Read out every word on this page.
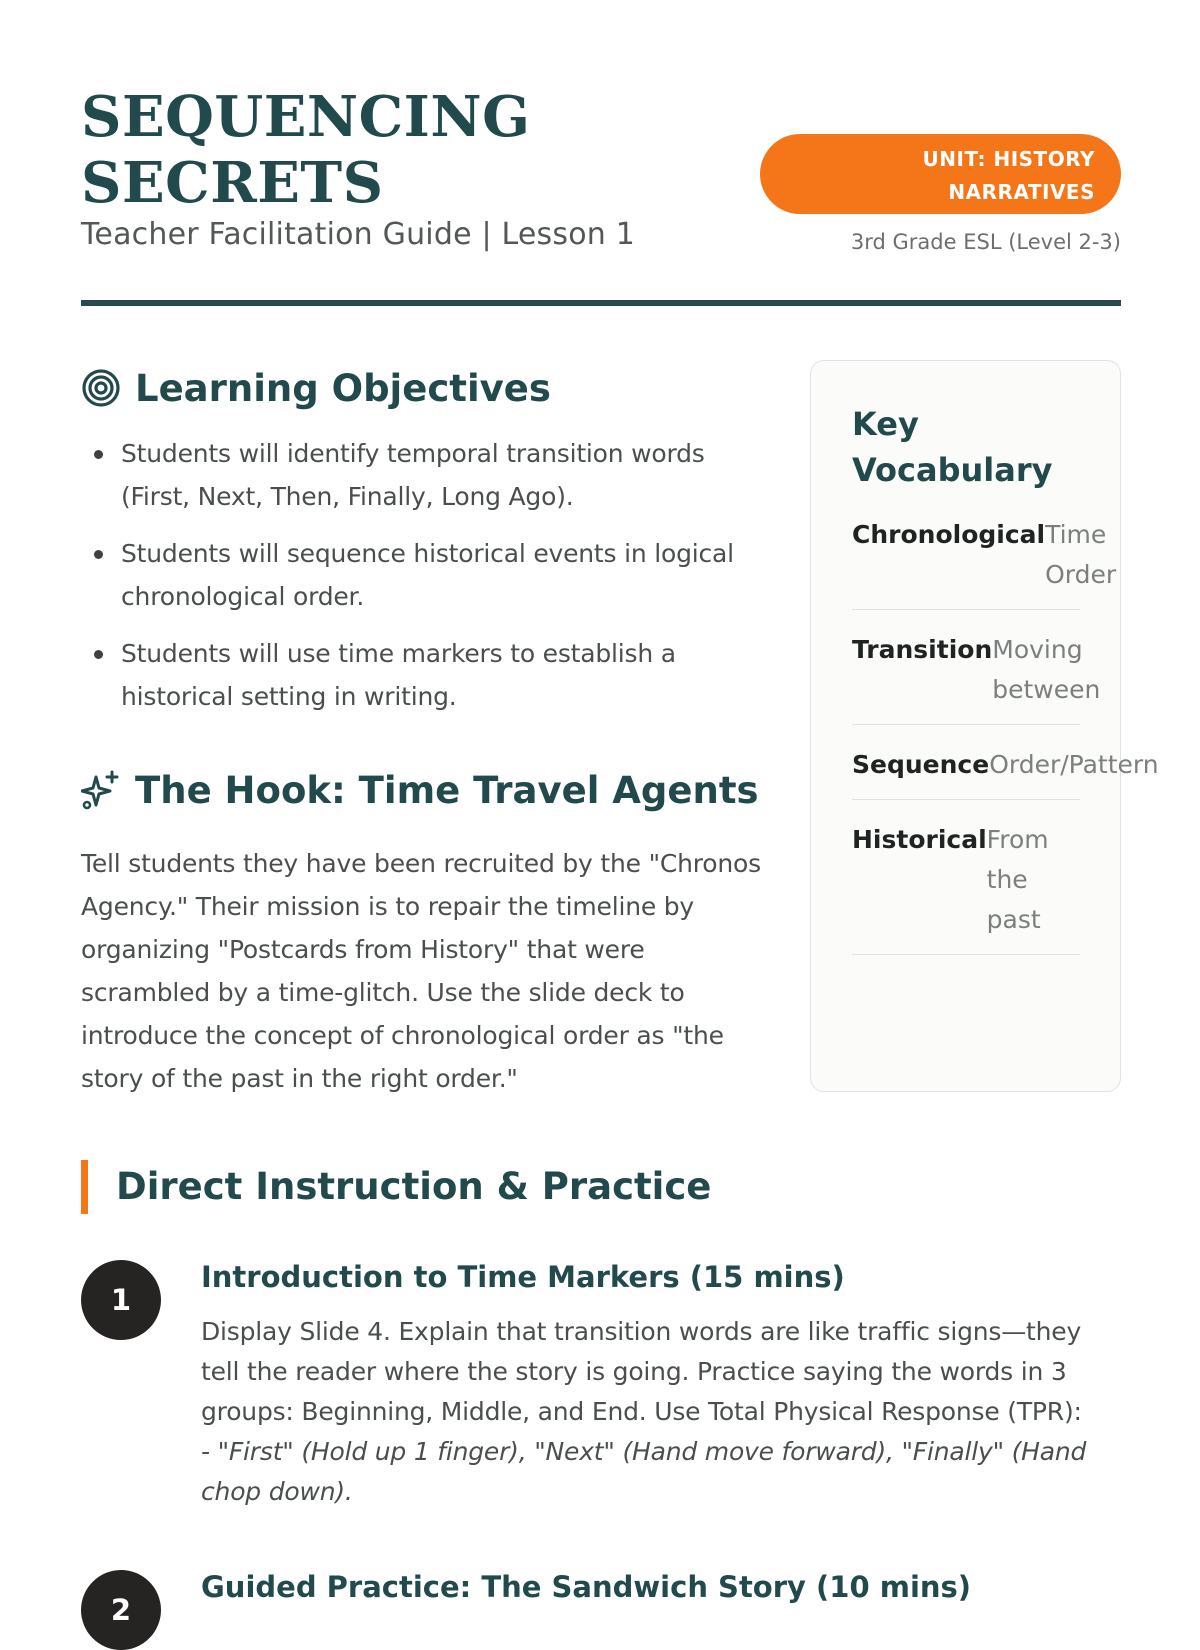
SEQUENCING
SECRETS
Teacher Facilitation Guide | Lesson 1
UNIT: HISTORY
NARRATIVES
3rd Grade ESL (Level 2-3)
Learning Objectives
Students will identify temporal transition words (First, Next, Then, Finally, Long Ago).
Students will sequence historical events in logical chronological order.
Students will use time markers to establish a historical setting in writing.
The Hook: Time Travel Agents

Tell students they have been recruited by the "Chronos Agency." Their mission is to repair the timeline by organizing "Postcards from History" that were scrambled by a time-glitch. Use the slide deck to introduce the concept of chronological order as "the story of the past in the right order."

Key Vocabulary
Chronological Time Order
Transition Moving between
Sequence Order/Pattern
Historical From the past
Direct Instruction & Practice
1
Introduction to Time Markers (15 mins)

Display Slide 4. Explain that transition words are like traffic signs—they tell the reader where the story is going. Practice saying the words in 3 groups: Beginning, Middle, and End. Use Total Physical Response (TPR):
- "First" (Hold up 1 finger), "Next" (Hand move forward), "Finally" (Hand chop down).

2
Guided Practice: The Sandwich Story (10 mins)
